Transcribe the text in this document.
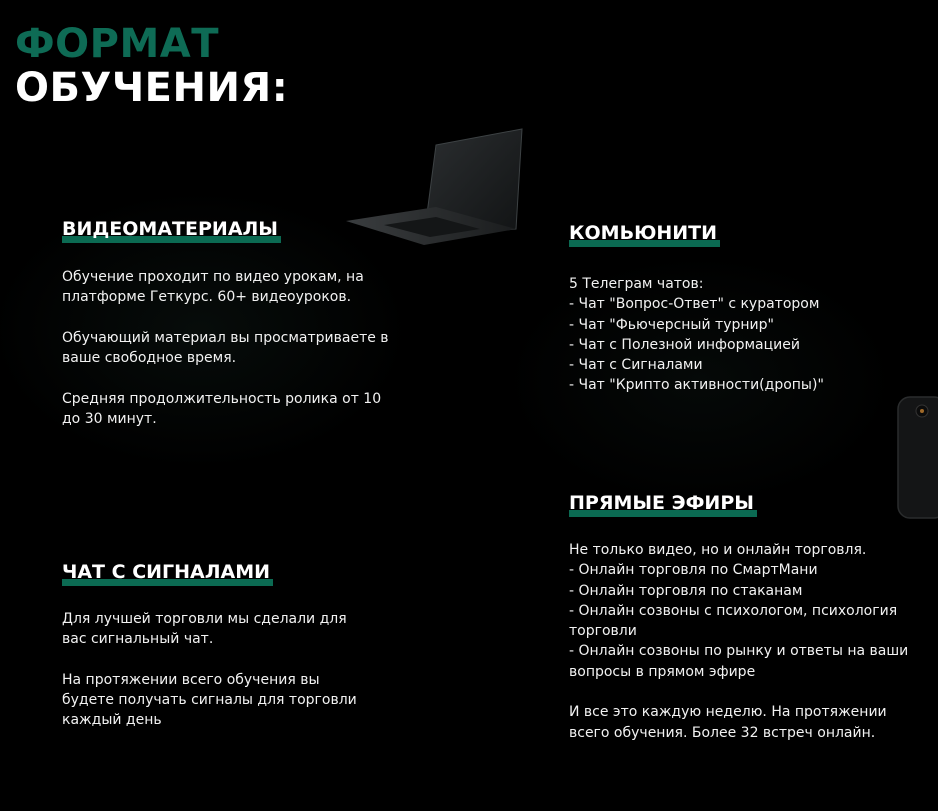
ФОРМАТ
ОБУЧЕНИЯ:
ВИДЕОМАТЕРИАЛЫ

Обучение проходит по видео урокам, на платформе Геткурс. 60+ видеоуроков.

Обучающий материал вы просматриваете в ваше свободное время.

Средняя продолжительность ролика от 10 до 30 минут.

ЧАТ С СИГНАЛАМИ

Для лучшей торговли мы сделали для вас сигнальный чат.

На протяжении всего обучения вы будете получать сигналы для торговли каждый день

КОМЬЮНИТИ

5 Телеграм чатов:
- Чат "Вопрос-Ответ" с куратором
- Чат "Фьючерсный турнир"
- Чат с Полезной информацией
- Чат с Сигналами
- Чат "Крипто активности(дропы)"

ПРЯМЫЕ ЭФИРЫ

Не только видео, но и онлайн торговля.
- Онлайн торговля по СмартМани
- Онлайн торговля по стаканам
- Онлайн созвоны с психологом, психология торговли
- Онлайн созвоны по рынку и ответы на ваши вопросы в прямом эфире

И все это каждую неделю. На протяжении всего обучения. Более 32 встреч онлайн.
